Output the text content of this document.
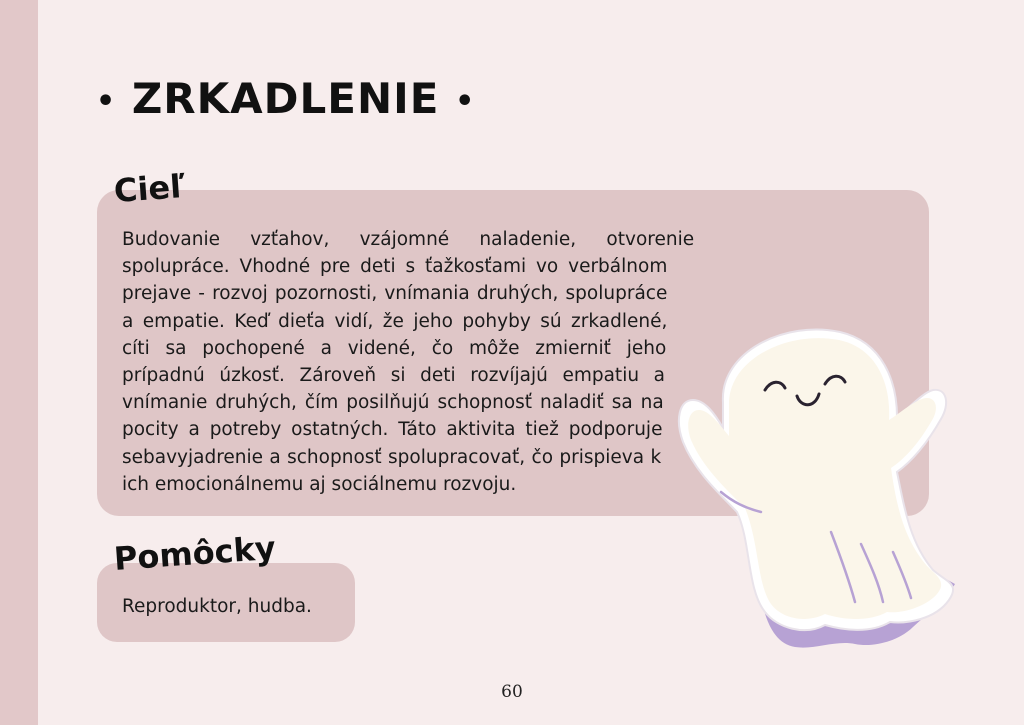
• ZRKADLENIE •
Cieľ
Budovanie vzťahov, vzájomné naladenie, otvorenie spolupráce. Vhodné pre deti s ťažkosťami vo verbálnom prejave - rozvoj pozornosti, vnímania druhých, spolupráce a empatie. Keď dieťa vidí, že jeho pohyby sú zrkadlené, cíti sa pochopené a videné, čo môže zmierniť jeho prípadnú úzkosť. Zároveň si deti rozvíjajú empatiu a vnímanie druhých, čím posilňujú schopnosť naladiť sa na pocity a potreby ostatných. Táto aktivita tiež podporuje sebavyjadrenie a schopnosť spolupracovať, čo prispieva k ich emocionálnemu aj sociálnemu rozvoju.
Pomôcky
Reproduktor, hudba.
60
